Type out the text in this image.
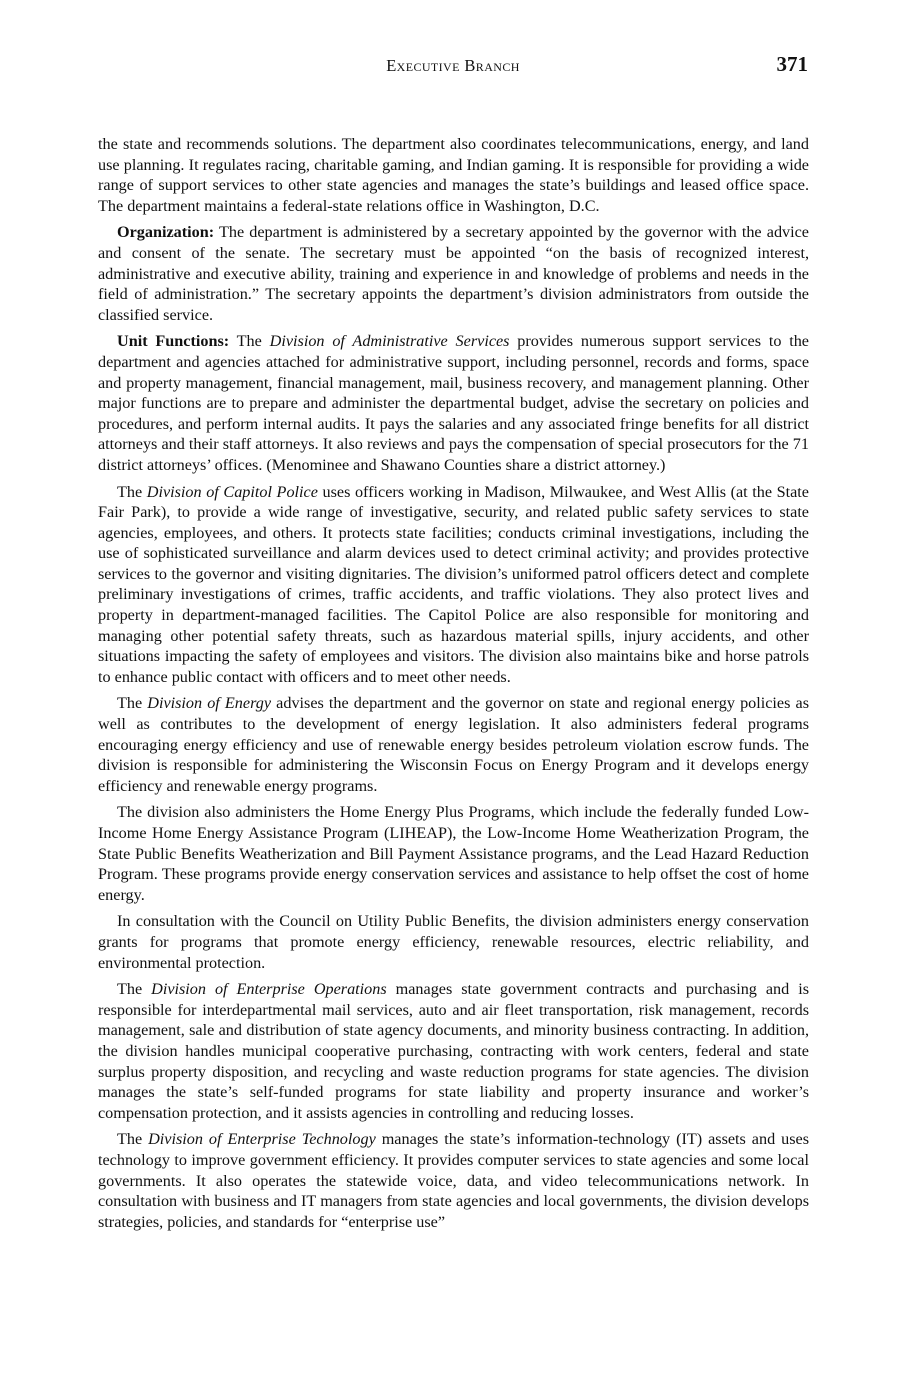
Executive Branch	371

the state and recommends solutions. The department also coordinates telecommunications, energy, and land use planning. It regulates racing, charitable gaming, and Indian gaming. It is responsible for providing a wide range of support services to other state agencies and manages the state’s buildings and leased office space. The department maintains a federal-state relations office in Washington, D.C.

Organization: The department is administered by a secretary appointed by the governor with the advice and consent of the senate. The secretary must be appointed “on the basis of recognized interest, administrative and executive ability, training and experience in and knowledge of problems and needs in the field of administration.” The secretary appoints the department’s division administrators from outside the classified service.

Unit Functions: The Division of Administrative Services provides numerous support services to the department and agencies attached for administrative support, including personnel, records and forms, space and property management, financial management, mail, business recovery, and management planning. Other major functions are to prepare and administer the departmental budget, advise the secretary on policies and procedures, and perform internal audits. It pays the salaries and any associated fringe benefits for all district attorneys and their staff attorneys. It also reviews and pays the compensation of special prosecutors for the 71 district attorneys’ offices. (Menominee and Shawano Counties share a district attorney.)

The Division of Capitol Police uses officers working in Madison, Milwaukee, and West Allis (at the State Fair Park), to provide a wide range of investigative, security, and related public safety services to state agencies, employees, and others. It protects state facilities; conducts criminal investigations, including the use of sophisticated surveillance and alarm devices used to detect criminal activity; and provides protective services to the governor and visiting dignitaries. The division’s uniformed patrol officers detect and complete preliminary investigations of crimes, traffic accidents, and traffic violations. They also protect lives and property in department-managed facilities. The Capitol Police are also responsible for monitoring and managing other potential safety threats, such as hazardous material spills, injury accidents, and other situations impacting the safety of employees and visitors. The division also maintains bike and horse patrols to enhance public contact with officers and to meet other needs.

The Division of Energy advises the department and the governor on state and regional energy policies as well as contributes to the development of energy legislation. It also administers federal programs encouraging energy efficiency and use of renewable energy besides petroleum violation escrow funds. The division is responsible for administering the Wisconsin Focus on Energy Program and it develops energy efficiency and renewable energy programs.

The division also administers the Home Energy Plus Programs, which include the federally funded Low-Income Home Energy Assistance Program (LIHEAP), the Low-Income Home Weatherization Program, the State Public Benefits Weatherization and Bill Payment Assistance programs, and the Lead Hazard Reduction Program. These programs provide energy conservation services and assistance to help offset the cost of home energy.

In consultation with the Council on Utility Public Benefits, the division administers energy conservation grants for programs that promote energy efficiency, renewable resources, electric reliability, and environmental protection.

The Division of Enterprise Operations manages state government contracts and purchasing and is responsible for interdepartmental mail services, auto and air fleet transportation, risk management, records management, sale and distribution of state agency documents, and minority business contracting. In addition, the division handles municipal cooperative purchasing, contracting with work centers, federal and state surplus property disposition, and recycling and waste reduction programs for state agencies. The division manages the state’s self-funded programs for state liability and property insurance and worker’s compensation protection, and it assists agencies in controlling and reducing losses.

The Division of Enterprise Technology manages the state’s information-technology (IT) assets and uses technology to improve government efficiency. It provides computer services to state agencies and some local governments. It also operates the statewide voice, data, and video telecommunications network. In consultation with business and IT managers from state agencies and local governments, the division develops strategies, policies, and standards for “enterprise use”
